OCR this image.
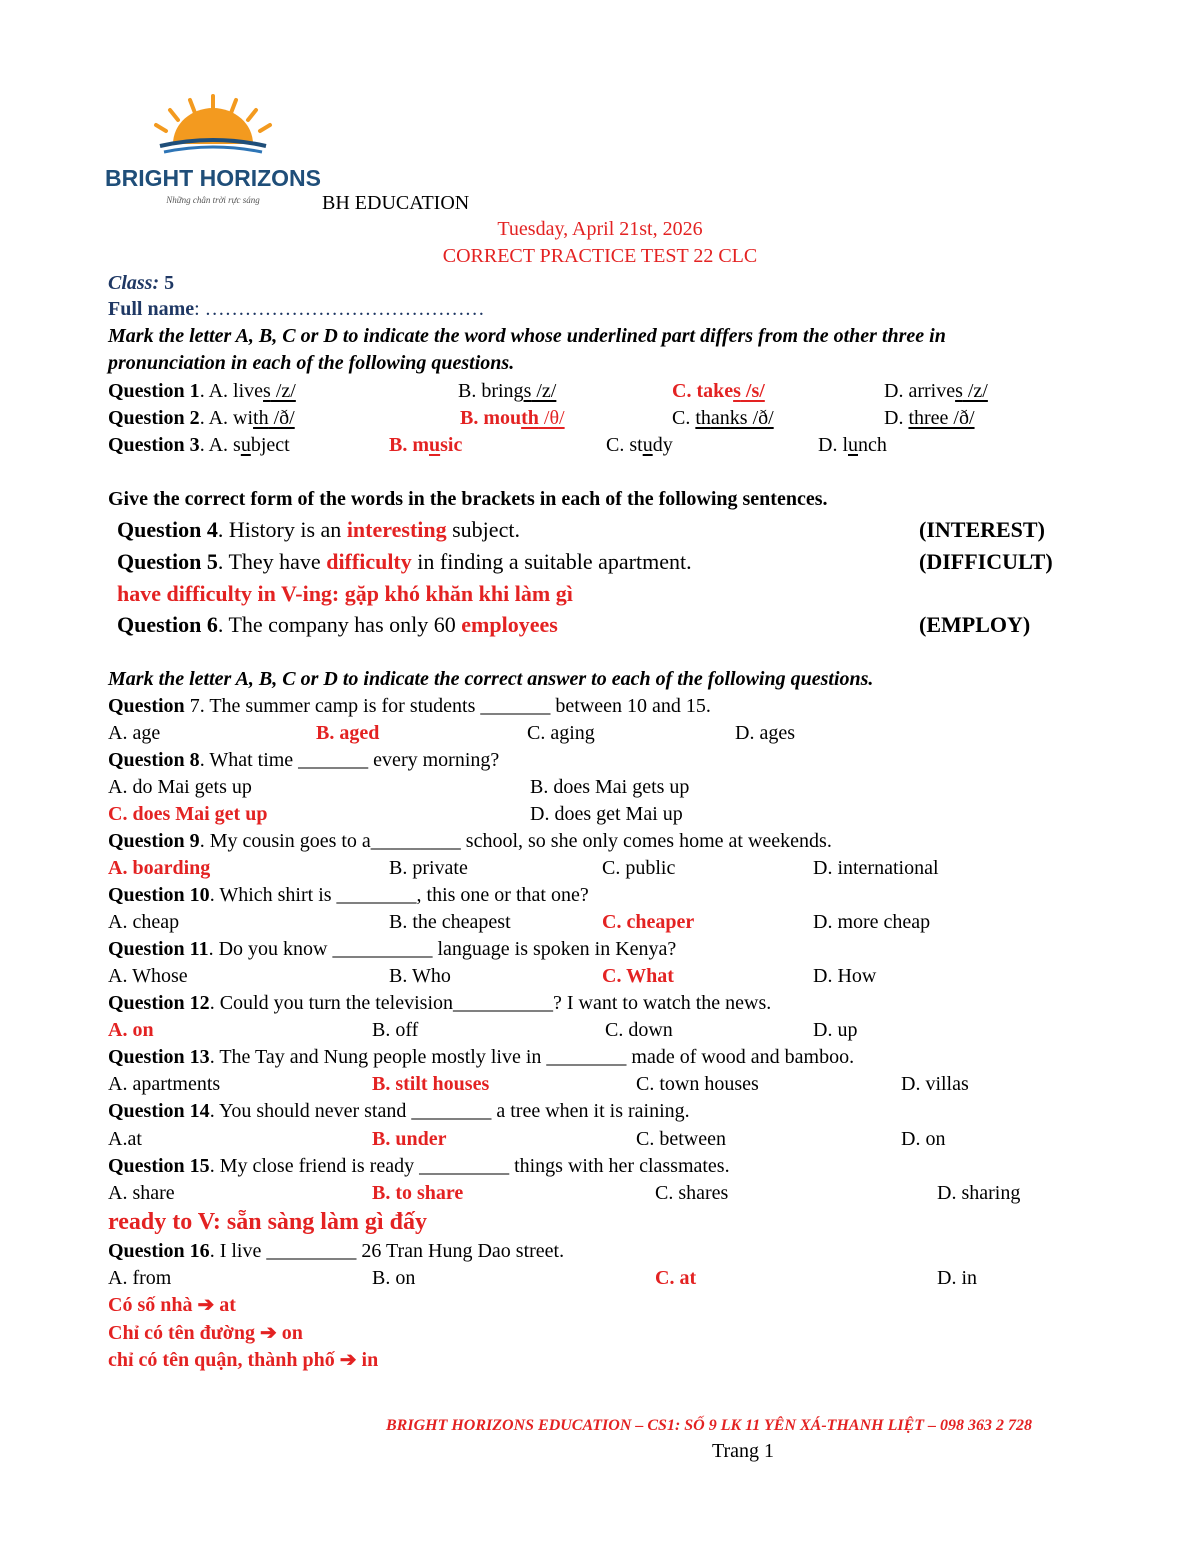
BRIGHT HORIZONS
Những chân trời rực sáng	BH EDUCATION
Tuesday, April 21st, 2026
CORRECT PRACTICE TEST 22 CLC
Class: 5
Full name: ……………………………………
Mark the letter A, B, C or D to indicate the word whose underlined part differs from the other three in
pronunciation in each of the following questions.
Question 1. A. lives /z/	B. brings /z/	C. takes /s/	D. arrives /z/
Question 2. A. with /ð/	B. mouth /θ/	C. thanks /ð/	D. three /ð/
Question 3. A. subject	B. music	C. study	D. lunch
Give the correct form of the words in the brackets in each of the following sentences.
Question 4. History is an interesting subject.	(INTEREST)
Question 5. They have difficulty in finding a suitable apartment.	(DIFFICULT)
have difficulty in V-ing: gặp khó khăn khi làm gì
Question 6. The company has only 60 employees	(EMPLOY)
Mark the letter A, B, C or D to indicate the correct answer to each of the following questions.
Question 7. The summer camp is for students _______ between 10 and 15.
A. age	B. aged	C. aging	D. ages
Question 8. What time _______ every morning?
A. do Mai gets up	B. does Mai gets up
C. does Mai get up	D. does get Mai up
Question 9. My cousin goes to a_________ school, so she only comes home at weekends.
A. boarding	B. private	C. public	D. international
Question 10. Which shirt is ________, this one or that one?
A. cheap	B. the cheapest	C. cheaper	D. more cheap
Question 11. Do you know __________ language is spoken in Kenya?
A. Whose	B. Who	C. What	D. How
Question 12. Could you turn the television__________? I want to watch the news.
A. on	B. off	C. down	D. up
Question 13. The Tay and Nung people mostly live in ________ made of wood and bamboo.
A. apartments	B. stilt houses	C. town houses	D. villas
Question 14. You should never stand ________ a tree when it is raining.
A.at	B. under	C. between	D. on
Question 15. My close friend is ready _________ things with her classmates.
A. share	B. to share	C. shares	D. sharing
ready to V: sẵn sàng làm gì đấy
Question 16. I live _________ 26 Tran Hung Dao street.
A. from	B. on	C. at	D. in
Có số nhà ➔ at
Chỉ có tên đường ➔ on
chỉ có tên quận, thành phố ➔ in
BRIGHT HORIZONS EDUCATION – CS1: SỐ 9 LK 11 YÊN XÁ-THANH LIỆT – 098 363 2 728
Trang 1
